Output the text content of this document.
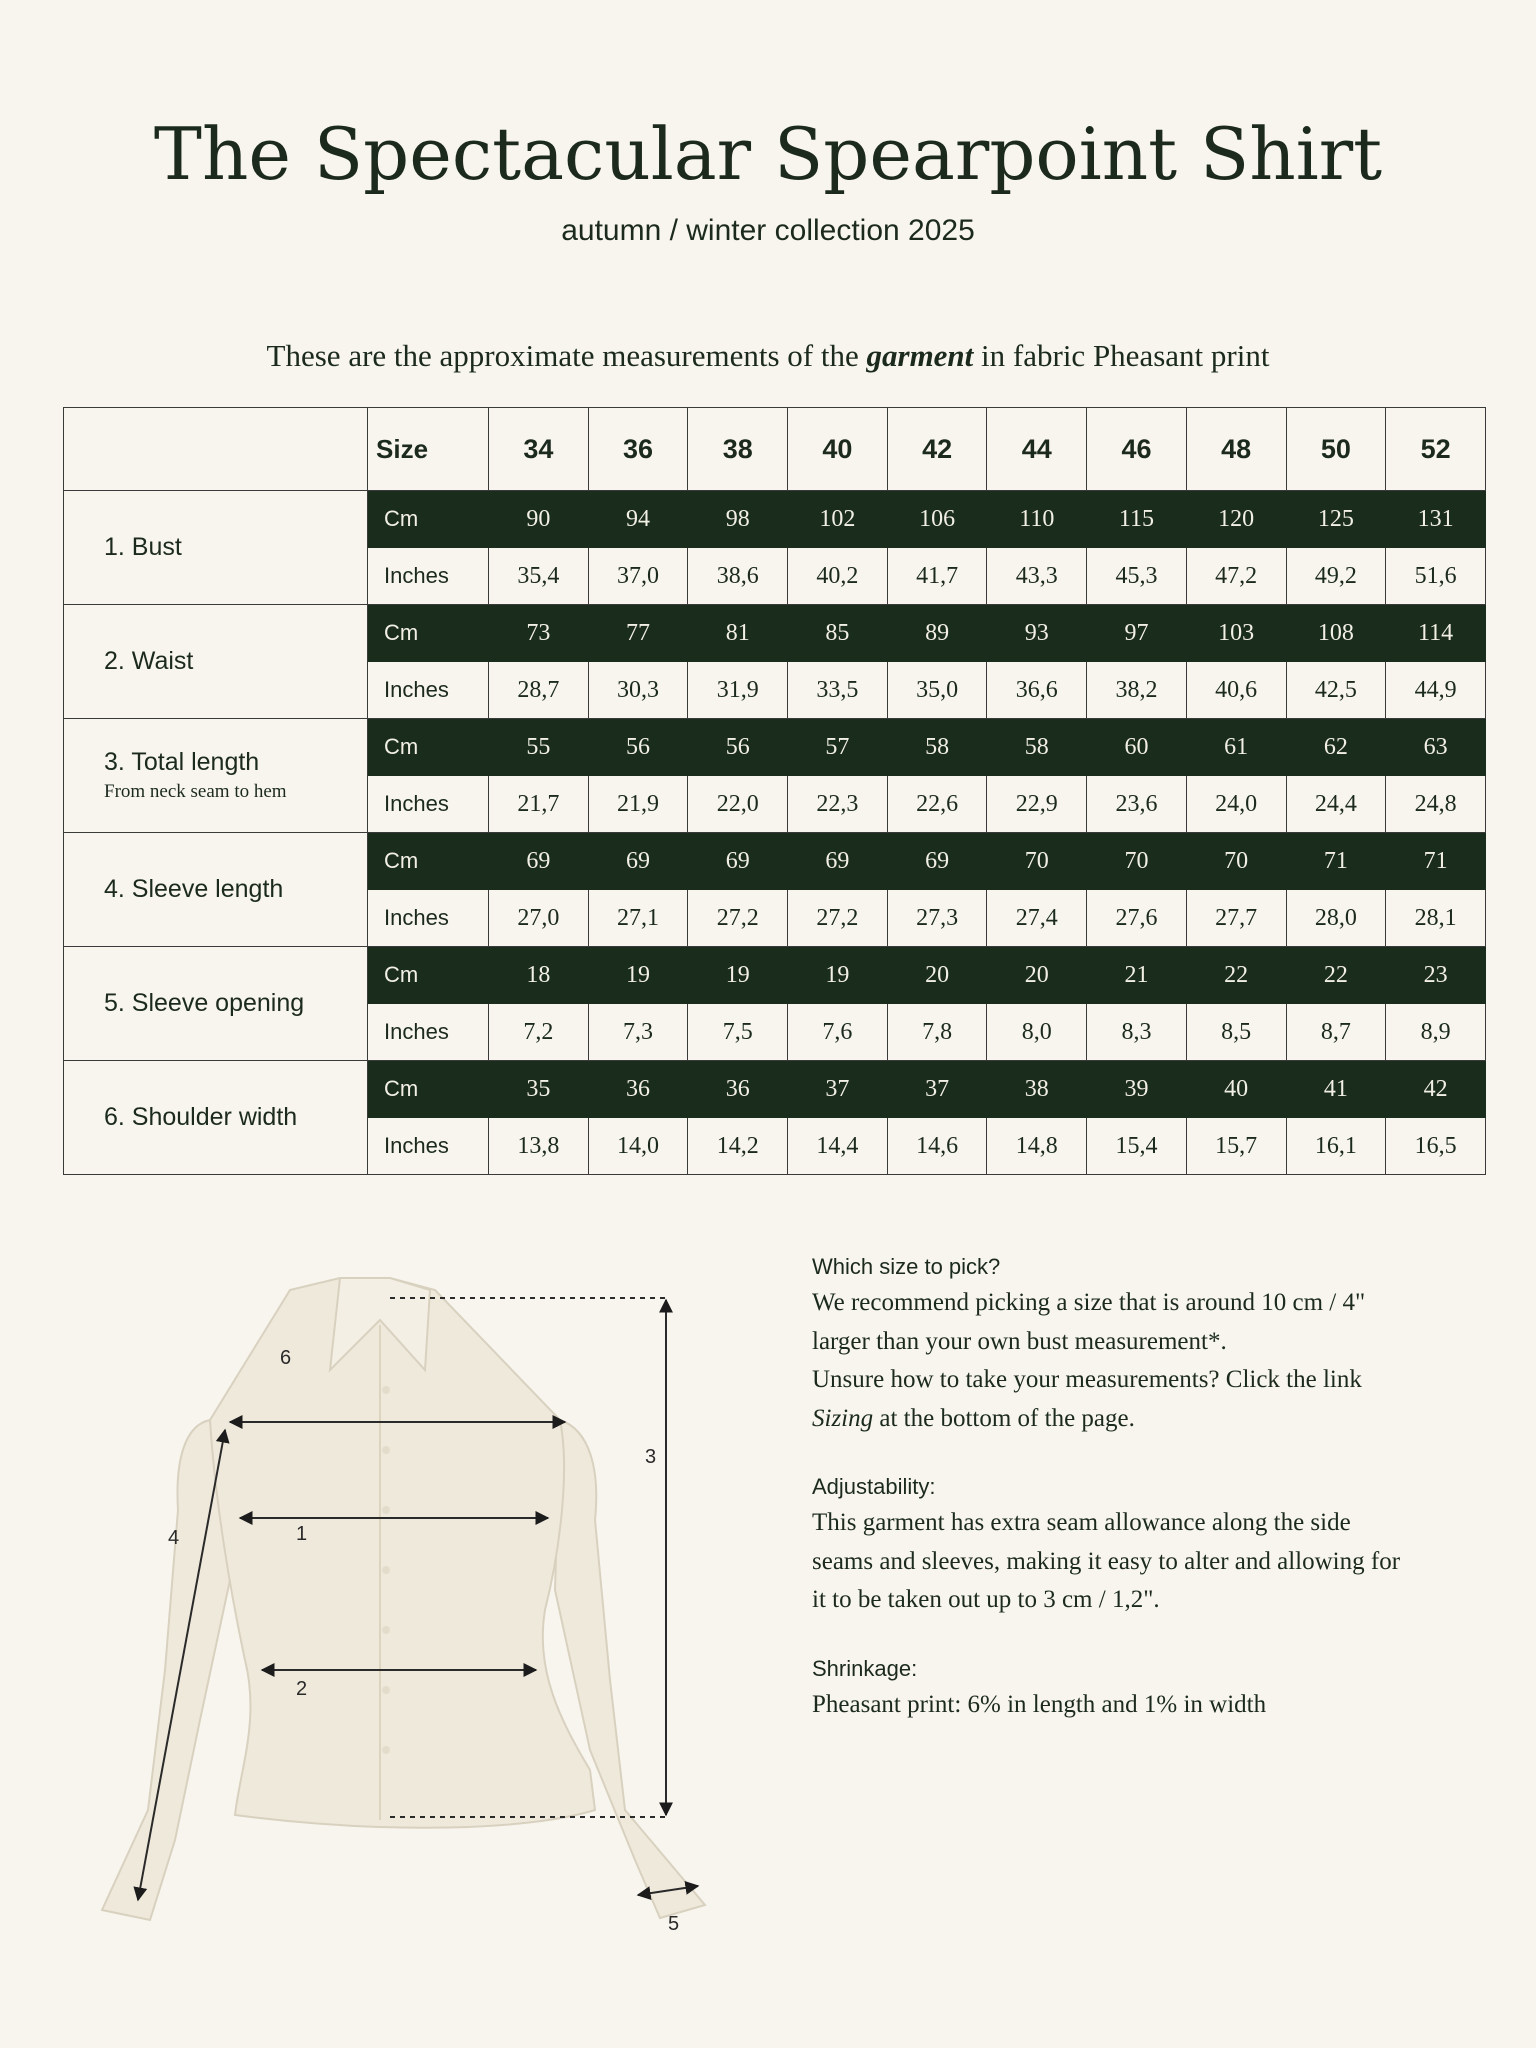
The Spectacular Spearpoint Shirt
autumn / winter collection 2025
These are the approximate measurements of the garment in fabric Pheasant print
	Size	34	36	38	40	42	44	46	48	50	52
1. Bust	Cm	90	94	98	102	106	110	115	120	125	131
	Inches	35,4	37,0	38,6	40,2	41,7	43,3	45,3	47,2	49,2	51,6
2. Waist	Cm	73	77	81	85	89	93	97	103	108	114
	Inches	28,7	30,3	31,9	33,5	35,0	36,6	38,2	40,6	42,5	44,9
3. Total length
From neck seam to hem	Cm	55	56	56	57	58	58	60	61	62	63
	Inches	21,7	21,9	22,0	22,3	22,6	22,9	23,6	24,0	24,4	24,8
4. Sleeve length	Cm	69	69	69	69	69	70	70	70	71	71
	Inches	27,0	27,1	27,2	27,2	27,3	27,4	27,6	27,7	28,0	28,1
5. Sleeve opening	Cm	18	19	19	19	20	20	21	22	22	23
	Inches	7,2	7,3	7,5	7,6	7,8	8,0	8,3	8,5	8,7	8,9
6. Shoulder width	Cm	35	36	36	37	37	38	39	40	41	42
	Inches	13,8	14,0	14,2	14,4	14,6	14,8	15,4	15,7	16,1	16,5
6
1
2
3
4
5

Which size to pick?

We recommend picking a size that is around 10 cm / 4"
larger than your own bust measurement*.
Unsure how to take your measurements? Click the link
Sizing at the bottom of the page.

Adjustability:

This garment has extra seam allowance along the side
seams and sleeves, making it easy to alter and allowing for
it to be taken out up to 3 cm / 1,2".

Shrinkage:

Pheasant print: 6% in length and 1% in width
